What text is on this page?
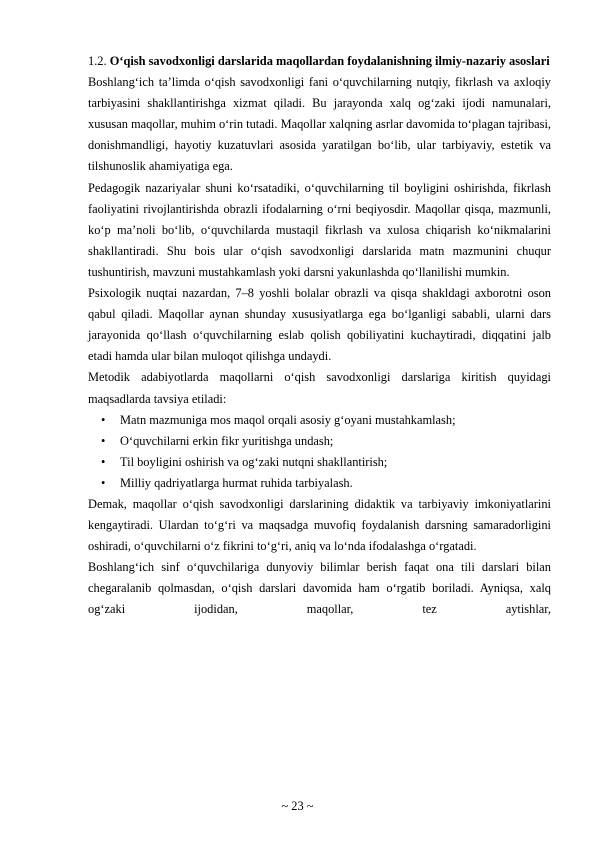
1.2. O‘qish savodxonligi darslarida maqollardan foydalanishning ilmiy-nazariy asoslari

Boshlang‘ich ta’limda o‘qish savodxonligi fani o‘quvchilarning nutqiy, fikrlash va axloqiy tarbiyasini shakllantirishga xizmat qiladi. Bu jarayonda xalq og‘zaki ijodi namunalari, xususan maqollar, muhim o‘rin tutadi. Maqollar xalqning asrlar davomida to‘plagan tajribasi, donishmandligi, hayotiy kuzatuvlari asosida yaratilgan bo‘lib, ular tarbiyaviy, estetik va tilshunoslik ahamiyatiga ega.

Pedagogik nazariyalar shuni ko‘rsatadiki, o‘quvchilarning til boyligini oshirishda, fikrlash faoliyatini rivojlantirishda obrazli ifodalarning o‘rni beqiyosdir. Maqollar qisqa, mazmunli, ko‘p ma’noli bo‘lib, o‘quvchilarda mustaqil fikrlash va xulosa chiqarish ko‘nikmalarini shakllantiradi. Shu bois ular o‘qish savodxonligi darslarida matn mazmunini chuqur tushuntirish, mavzuni mustahkamlash yoki darsni yakunlashda qo‘llanilishi mumkin.

Psixologik nuqtai nazardan, 7–8 yoshli bolalar obrazli va qisqa shakldagi axborotni oson qabul qiladi. Maqollar aynan shunday xususiyatlarga ega bo‘lganligi sababli, ularni dars jarayonida qo‘llash o‘quvchilarning eslab qolish qobiliyatini kuchaytiradi, diqqatini jalb etadi hamda ular bilan muloqot qilishga undaydi.

Metodik adabiyotlarda maqollarni o‘qish savodxonligi darslariga kiritish quyidagi maqsadlarda tavsiya etiladi:

• Matn mazmuniga mos maqol orqali asosiy g‘oyani mustahkamlash;
• O‘quvchilarni erkin fikr yuritishga undash;
• Til boyligini oshirish va og‘zaki nutqni shakllantirish;
• Milliy qadriyatlarga hurmat ruhida tarbiyalash.

Demak, maqollar o‘qish savodxonligi darslarining didaktik va tarbiyaviy imkoniyatlarini kengaytiradi. Ulardan to‘g‘ri va maqsadga muvofiq foydalanish darsning samaradorligini oshiradi, o‘quvchilarni o‘z fikrini to‘g‘ri, aniq va lo‘nda ifodalashga o‘rgatadi.

Boshlang‘ich sinf o‘quvchilariga dunyoviy bilimlar berish faqat ona tili darslari bilan chegaralanib qolmasdan, o‘qish darslari davomida ham o‘rgatib boriladi. Ayniqsa, xalq og‘zaki ijodidan, maqollar, tez aytishlar,

~ 23 ~
